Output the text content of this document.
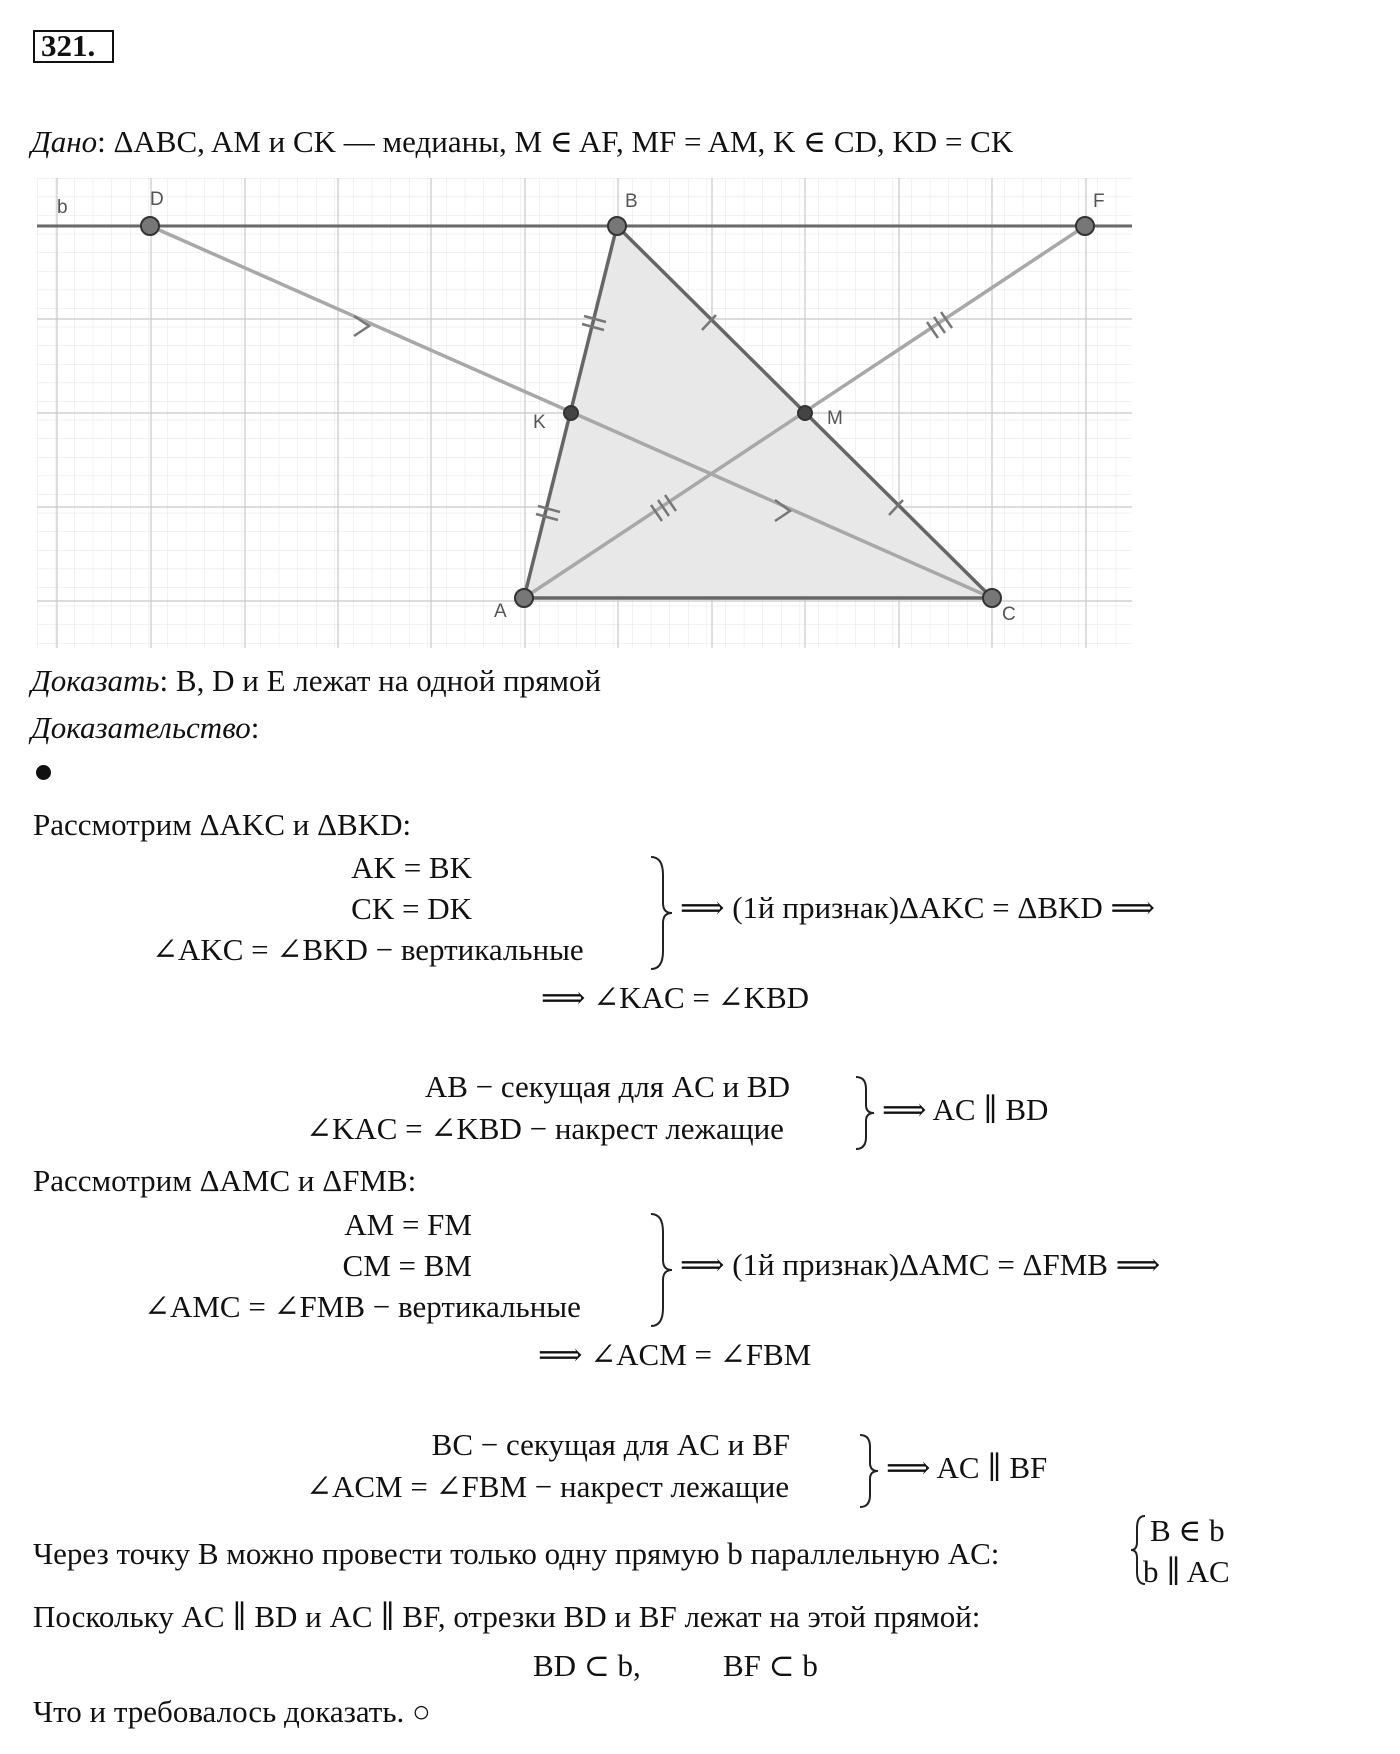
321.
Дано: ΔABC, AM и CK — медианы, M ∈ AF, MF = AM, K ∈ CD, KD = CK
b	D	B	F
K	M
A	C
Доказать: B, D и E лежат на одной прямой
Доказательство:
Рассмотрим ΔAKC и ΔBKD:
AK = BK
CK = DK
∠AKC = ∠BKD − вертикальные
⟹ (1й признак)ΔAKC = ΔBKD ⟹
⟹ ∠KAC = ∠KBD
AB − секущая для AC и BD
∠KAC = ∠KBD − накрест лежащие
⟹ AC ∥ BD
Рассмотрим ΔAMC и ΔFMB:
AM = FM
CM = BM
∠AMC = ∠FMB − вертикальные
⟹ (1й признак)ΔAMC = ΔFMB ⟹
⟹ ∠ACM = ∠FBM
BC − секущая для AC и BF
∠ACM = ∠FBM − накрест лежащие
⟹ AC ∥ BF
Через точку B можно провести только одну прямую b параллельную AC:
B ∈ b
b ∥ AC
Поскольку AC ∥ BD и AC ∥ BF, отрезки BD и BF лежат на этой прямой:
BD ⊂ b,	BF ⊂ b
Что и требовалось доказать. ○
